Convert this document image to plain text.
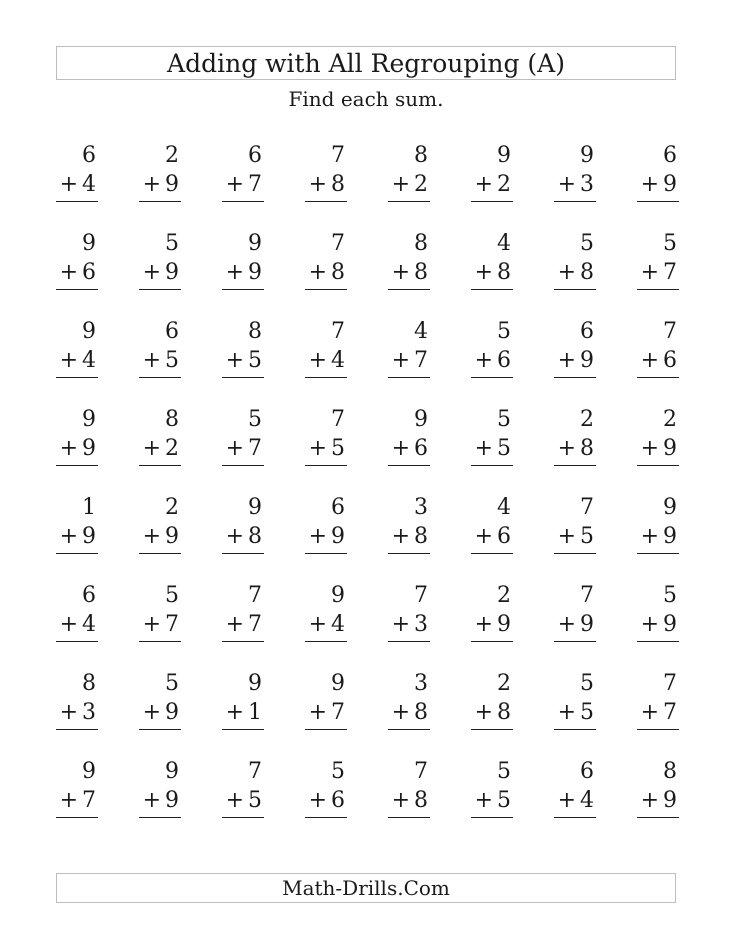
Adding with All Regrouping (A)
Find each sum.
6
+ 4
2
+ 9
6
+ 7
7
+ 8
8
+ 2
9
+ 2
9
+ 3
6
+ 9
9
+ 6
5
+ 9
9
+ 9
7
+ 8
8
+ 8
4
+ 8
5
+ 8
5
+ 7
9
+ 4
6
+ 5
8
+ 5
7
+ 4
4
+ 7
5
+ 6
6
+ 9
7
+ 6
9
+ 9
8
+ 2
5
+ 7
7
+ 5
9
+ 6
5
+ 5
2
+ 8
2
+ 9
1
+ 9
2
+ 9
9
+ 8
6
+ 9
3
+ 8
4
+ 6
7
+ 5
9
+ 9
6
+ 4
5
+ 7
7
+ 7
9
+ 4
7
+ 3
2
+ 9
7
+ 9
5
+ 9
8
+ 3
5
+ 9
9
+ 1
9
+ 7
3
+ 8
2
+ 8
5
+ 5
7
+ 7
9
+ 7
9
+ 9
7
+ 5
5
+ 6
7
+ 8
5
+ 5
6
+ 4
8
+ 9
Math-Drills.Com
